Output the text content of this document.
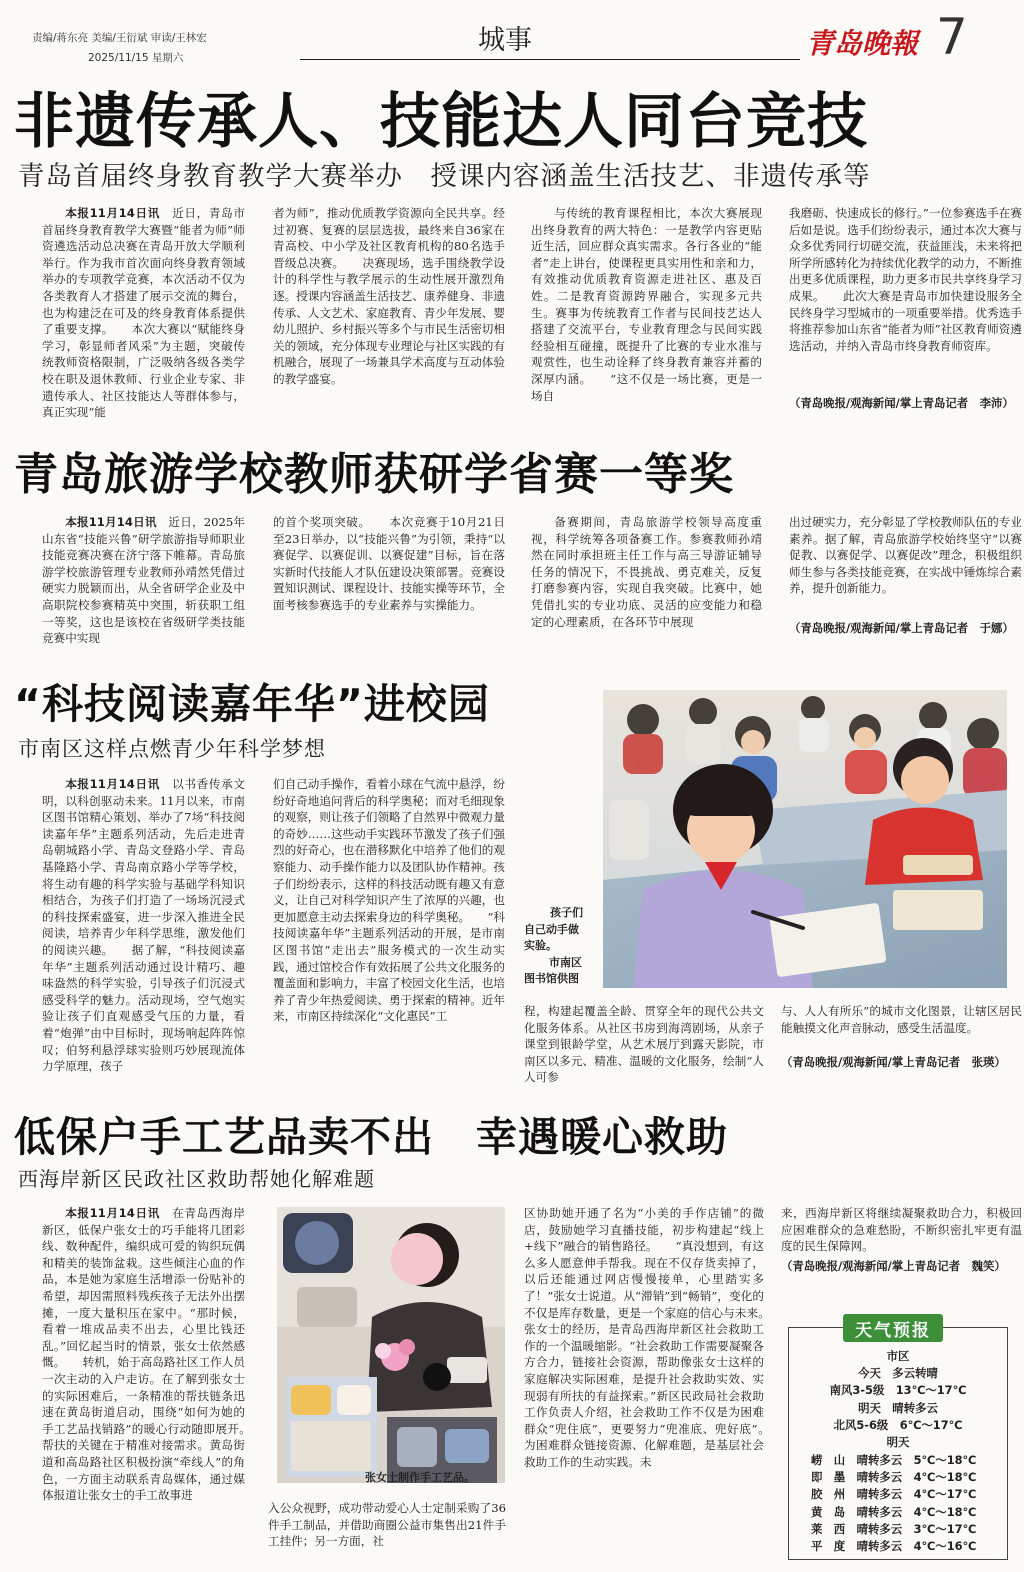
责编/蒋东亮 美编/王衍斌 审读/王林宏
2025/11/15 星期六
城事	青岛晚報 7
非遗传承人、技能达人同台竞技
青岛首届终身教育教学大赛举办　授课内容涵盖生活技艺、非遗传承等

本报11月14日讯　 近日，青岛市首届终身教育教学大赛暨“能者为师”师资遴选活动总决赛在青岛开放大学顺利举行。作为我市首次面向终身教育领域举办的专项教学竞赛，本次活动不仅为各类教育人才搭建了展示交流的舞台，也为构建泛在可及的终身教育体系提供了重要支撑。　　本次大赛以“赋能终身学习，彰显师者风采”为主题，突破传统教师资格限制，广泛吸纳各级各类学校在职及退休教师、行业企业专家、非遗传承人、社区技能达人等群体参与，真正实现“能

者为师”，推动优质教学资源向全民共享。经过初赛、复赛的层层选拔，最终来自36家在青高校、中小学及社区教育机构的80名选手晋级总决赛。　　决赛现场，选手围绕教学设计的科学性与教学展示的生动性展开激烈角逐。授课内容涵盖生活技艺、康养健身、非遗传承、人文艺术、家庭教育、青少年发展、婴幼儿照护、乡村振兴等多个与市民生活密切相关的领域，充分体现专业理论与社区实践的有机融合，展现了一场兼具学术高度与互动体验的教学盛宴。

与传统的教育课程相比，本次大赛展现出终身教育的两大特色：一是教学内容更贴近生活，回应群众真实需求。各行各业的“能者”走上讲台，使课程更具实用性和亲和力，有效推动优质教育资源走进社区、惠及百姓。二是教育资源跨界融合，实现多元共生。赛事为传统教育工作者与民间技艺达人搭建了交流平台，专业教育理念与民间实践经验相互碰撞，既提升了比赛的专业水准与观赏性，也生动诠释了终身教育兼容并蓄的深厚内涵。　　“这不仅是一场比赛，更是一场自

我磨砺、快速成长的修行。”一位参赛选手在赛后如是说。选手们纷纷表示，通过本次大赛与众多优秀同行切磋交流，获益匪浅，未来将把所学所感转化为持续优化教学的动力，不断推出更多优质课程，助力更多市民共享终身学习成果。　　此次大赛是青岛市加快建设服务全民终身学习型城市的一项重要举措。优秀选手将推荐参加山东省“能者为师”社区教育师资遴选活动，并纳入青岛市终身教育师资库。

（青岛晚报/观海新闻/掌上青岛记者　李沛）
青岛旅游学校教师获研学省赛一等奖

本报11月14日讯　 近日，2025年山东省“技能兴鲁”研学旅游指导师职业技能竞赛决赛在济宁落下帷幕。青岛旅游学校旅游管理专业教师孙靖然凭借过硬实力脱颖而出，从全省研学企业及中高职院校参赛精英中突围，斩获职工组一等奖，这也是该校在省级研学类技能竞赛中实现

的首个奖项突破。　　本次竞赛于10月21日至23日举办，以“技能兴鲁”为引领，秉持“以赛促学、以赛促训、以赛促建”目标，旨在落实新时代技能人才队伍建设决策部署。竞赛设置知识测试、课程设计、技能实操等环节，全面考核参赛选手的专业素养与实操能力。

备赛期间，青岛旅游学校领导高度重视，科学统筹各项备赛工作。参赛教师孙靖然在同时承担班主任工作与高三导游证辅导任务的情况下，不畏挑战、勇克难关，反复打磨参赛内容，实现自我突破。比赛中，她凭借扎实的专业功底、灵活的应变能力和稳定的心理素质，在各环节中展现

出过硬实力，充分彰显了学校教师队伍的专业素养。据了解，青岛旅游学校始终坚守“以赛促教、以赛促学、以赛促改”理念，积极组织师生参与各类技能竞赛，在实战中锤炼综合素养，提升创新能力。

（青岛晚报/观海新闻/掌上青岛记者　于娜）
“科技阅读嘉年华”进校园
市南区这样点燃青少年科学梦想
孩子们
自己动手做
实验。
　市南区
图书馆供图

本报11月14日讯　 以书香传承文明，以科创驱动未来。11月以来，市南区图书馆精心策划、举办了7场“科技阅读嘉年华”主题系列活动，先后走进青岛朝城路小学、青岛文登路小学、青岛基隆路小学、青岛南京路小学等学校，将生动有趣的科学实验与基础学科知识相结合，为孩子们打造了一场场沉浸式的科技探索盛宴，进一步深入推进全民阅读，培养青少年科学思维，激发他们的阅读兴趣。　　据了解，“科技阅读嘉年华”主题系列活动通过设计精巧、趣味盎然的科学实验，引导孩子们沉浸式感受科学的魅力。活动现场，空气炮实验让孩子们直观感受气压的力量，看着“炮弹”由中目标时，现场响起阵阵惊叹；伯努利悬浮球实验则巧妙展现流体力学原理，孩子

们自己动手操作，看着小球在气流中悬浮，纷纷好奇地追问背后的科学奥秘；而对毛细现象的观察，则让孩子们领略了自然界中微观力量的奇妙……这些动手实践环节激发了孩子们强烈的好奇心，也在潜移默化中培养了他们的观察能力、动手操作能力以及团队协作精神。孩子们纷纷表示，这样的科技活动既有趣又有意义，让自己对科学知识产生了浓厚的兴趣，也更加愿意主动去探索身边的科学奥秘。　　“科技阅读嘉年华”主题系列活动的开展，是市南区图书馆“走出去”服务模式的一次生动实践，通过馆校合作有效拓展了公共文化服务的覆盖面和影响力，丰富了校园文化生活，也培养了青少年热爱阅读、勇于探索的精神。近年来，市南区持续深化“文化惠民”工	程，构建起覆盖全龄、贯穿全年的现代公共文化服务体系。从社区书房到海湾剧场，从亲子课堂到银龄学堂，从艺术展厅到露天影院，市南区以多元、精准、温暖的文化服务，绘制“人人可参

与、人人有所乐”的城市文化图景，让辖区居民能触摸文化声音脉动，感受生活温度。

（青岛晚报/观海新闻/掌上青岛记者　张瑛）
低保户手工艺品卖不出　幸遇暖心救助
西海岸新区民政社区救助帮她化解难题
张女士制作手工艺品。

本报11月14日讯　 在青岛西海岸新区，低保户张女士的巧手能将几团彩线、数种配件，编织成可爱的钩织玩偶和精美的装饰盆栽。这些倾注心血的作品，本是她为家庭生活增添一份贴补的希望，却因需照料残疾孩子无法外出摆摊，一度大量积压在家中。“那时候，看着一堆成品卖不出去，心里比钱还乱。”回忆起当时的情景，张女士依然感慨。　　转机，始于高岛路社区工作人员一次主动的入户走访。在了解到张女士的实际困难后，一条精准的帮扶链条迅速在黄岛街道启动，围绕“如何为她的手工艺品找销路”的暖心行动随即展开。　　帮扶的关键在于精准对接需求。黄岛街道和高岛路社区积极扮演“牵线人”的角色，一方面主动联系青岛媒体，通过媒体报道让张女士的手工故事进

入公众视野，成功带动爱心人士定制采购了36件手工制品，并借助商圈公益市集售出21件手工挂件；另一方面，社

区协助她开通了名为“小美的手作店铺”的微店，鼓励她学习直播技能，初步构建起“线上+线下”融合的销售路径。　　“真没想到，有这么多人愿意伸手帮我。现在不仅存货卖掉了，以后还能通过网店慢慢接单，心里踏实多了！”张女士说道。从“滞销”到“畅销”，变化的不仅是库存数量，更是一个家庭的信心与未来。　　张女士的经历，是青岛西海岸新区社会救助工作的一个温暖缩影。“社会救助工作需要凝聚各方合力，链接社会资源，帮助像张女士这样的家庭解决实际困难，是提升社会救助实效、实现弱有所扶的有益探索。”新区民政局社会救助工作负责人介绍，社会救助工作不仅是为困难群众“兜住底”，更要努力“兜准底、兜好底”。　　为困难群众链接资源、化解难题，是基层社会救助工作的生动实践。未

来，西海岸新区将继续凝聚救助合力，积极回应困难群众的急难愁盼，不断织密扎牢更有温度的民生保障网。

（青岛晚报/观海新闻/掌上青岛记者　魏笑）
天气预报
市区
今天　多云转晴
南风3-5级　13℃～17℃
明天　晴转多云
北风5-6级　6℃～17℃
明天
崂　山　 晴转多云　 5℃～18℃
即　墨　 晴转多云　 4℃～18℃
胶　州　 晴转多云　 4℃～17℃
黄　岛　 晴转多云　 4℃～18℃
莱　西　 晴转多云　 3℃～17℃
平　度　 晴转多云　 4℃～16℃
